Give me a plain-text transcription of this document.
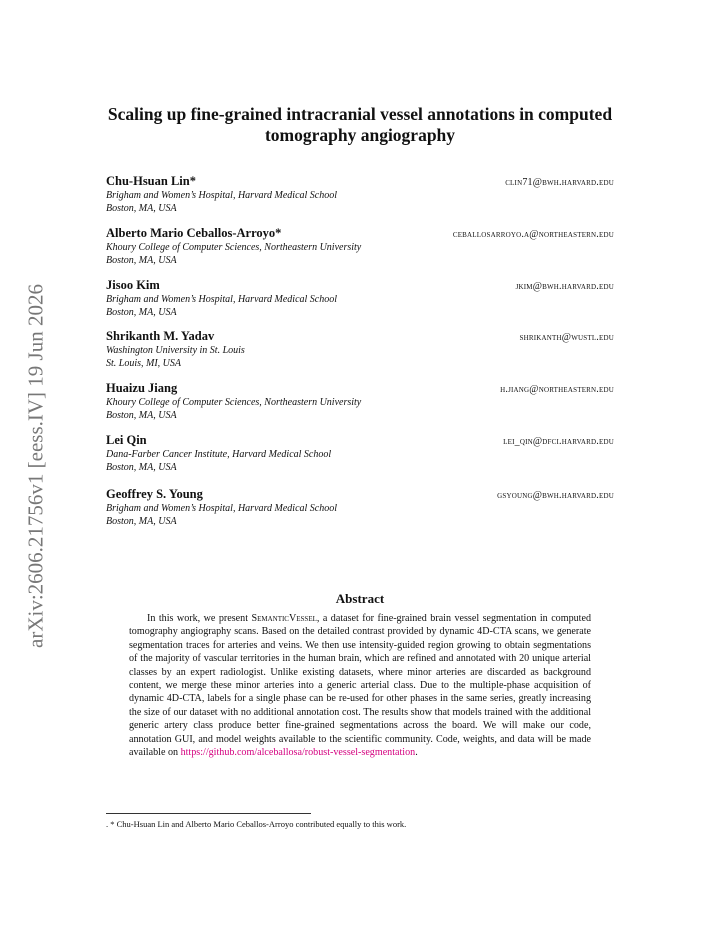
arXiv:2606.21756v1 [eess.IV] 19 Jun 2026
Scaling up fine-grained intracranial vessel annotations in computed tomography angiography
Chu-Hsuan Lin*	clin71@bwh.harvard.edu
Brigham and Women’s Hospital, Harvard Medical School
Boston, MA, USA
Alberto Mario Ceballos-Arroyo*	ceballosarroyo.a@northeastern.edu
Khoury College of Computer Sciences, Northeastern University
Boston, MA, USA
Jisoo Kim	jkim@bwh.harvard.edu
Brigham and Women’s Hospital, Harvard Medical School
Boston, MA, USA
Shrikanth M. Yadav	shrikanth@wustl.edu
Washington University in St. Louis
St. Louis, MI, USA
Huaizu Jiang	h.jiang@northeastern.edu
Khoury College of Computer Sciences, Northeastern University
Boston, MA, USA
Lei Qin	lei_qin@dfci.harvard.edu
Dana-Farber Cancer Institute, Harvard Medical School
Boston, MA, USA
Geoffrey S. Young	gsyoung@bwh.harvard.edu
Brigham and Women’s Hospital, Harvard Medical School
Boston, MA, USA
Abstract
In this work, we present SemanticVessel, a dataset for fine-grained brain vessel segmentation in computed tomography angiography scans. Based on the detailed contrast provided by dynamic 4D-CTA scans, we generate segmentation traces for arteries and veins. We then use intensity-guided region growing to obtain segmentations of the majority of vascular territories in the human brain, which are refined and annotated with 20 unique arterial classes by an expert radiologist. Unlike existing datasets, where minor arteries are discarded as background content, we merge these minor arteries into a generic arterial class. Due to the multiple-phase acquisition of dynamic 4D-CTA, labels for a single phase can be re-used for other phases in the same series, greatly increasing the size of our dataset with no additional annotation cost. The results show that models trained with the additional generic artery class produce better fine-grained segmentations across the board. We will make our code, annotation GUI, and model weights available to the scientific community. Code, weights, and data will be made available on https://github.com/alceballosa/robust-vessel-segmentation.
. * Chu-Hsuan Lin and Alberto Mario Ceballos-Arroyo contributed equally to this work.
